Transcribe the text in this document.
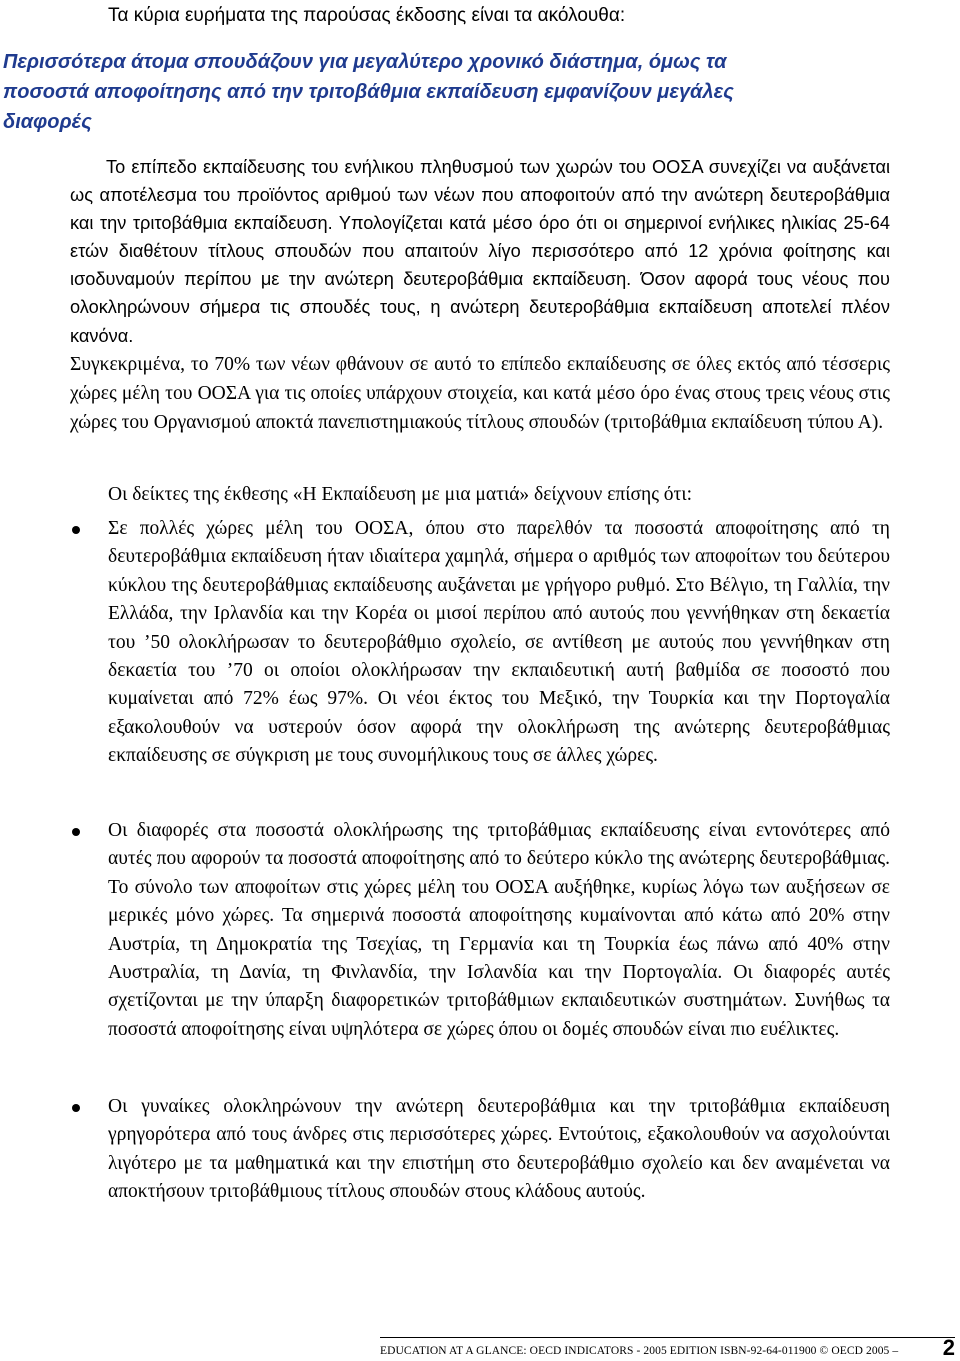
Τα κύρια ευρήματα της παρούσας έκδοσης είναι τα ακόλουθα:

Περισσότερα άτομα σπουδάζουν για μεγαλύτερο χρονικό διάστημα, όμως τα ποσοστά αποφοίτησης από την τριτοβάθμια εκπαίδευση εμφανίζουν μεγάλες διαφορές

Το επίπεδο εκπαίδευσης του ενήλικου πληθυσμού των χωρών του ΟΟΣΑ συνεχίζει να αυξάνεται ως αποτέλεσμα του προϊόντος αριθμού των νέων που αποφοιτούν από την ανώτερη δευτεροβάθμια και την τριτοβάθμια εκπαίδευση. Υπολογίζεται κατά μέσο όρο ότι οι σημερινοί ενήλικες ηλικίας 25-64 ετών διαθέτουν τίτλους σπουδών που απαιτούν λίγο περισσότερο από 12 χρόνια φοίτησης και ισοδυναμούν περίπου με την ανώτερη δευτεροβάθμια εκπαίδευση. Όσον αφορά τους νέους που ολοκληρώνουν σήμερα τις σπουδές τους, η ανώτερη δευτεροβάθμια εκπαίδευση αποτελεί πλέον κανόνα.
Συγκεκριμένα, το 70% των νέων φθάνουν σε αυτό το επίπεδο εκπαίδευσης σε όλες εκτός από τέσσερις χώρες μέλη του ΟΟΣΑ για τις οποίες υπάρχουν στοιχεία, και κατά μέσο όρο ένας στους τρεις νέους στις χώρες του Οργανισμού αποκτά πανεπιστημιακούς τίτλους σπουδών (τριτοβάθμια εκπαίδευση τύπου Α).

Οι δείκτες της έκθεσης «Η Εκπαίδευση με μια ματιά» δείχνουν επίσης ότι:

Σε πολλές χώρες μέλη του ΟΟΣΑ, όπου στο παρελθόν τα ποσοστά αποφοίτησης από τη δευτεροβάθμια εκπαίδευση ήταν ιδιαίτερα χαμηλά, σήμερα ο αριθμός των αποφοίτων του δεύτερου κύκλου της δευτεροβάθμιας εκπαίδευσης αυξάνεται με γρήγορο ρυθμό. Στο Βέλγιο, τη Γαλλία, την Ελλάδα, την Ιρλανδία και την Κορέα οι μισοί περίπου από αυτούς που γεννήθηκαν στη δεκαετία του ’50 ολοκλήρωσαν το δευτεροβάθμιο σχολείο, σε αντίθεση με αυτούς που γεννήθηκαν στη δεκαετία του ’70 οι οποίοι ολοκλήρωσαν την εκπαιδευτική αυτή βαθμίδα σε ποσοστό που κυμαίνεται από 72% έως 97%. Οι νέοι έκτος του Μεξικό, την Τουρκία και την Πορτογαλία εξακολουθούν να υστερούν όσον αφορά την ολοκλήρωση της ανώτερης δευτεροβάθμιας εκπαίδευσης σε σύγκριση με τους συνομήλικους τους σε άλλες χώρες.

Οι διαφορές στα ποσοστά ολοκλήρωσης της τριτοβάθμιας εκπαίδευσης είναι εντονότερες από αυτές που αφορούν τα ποσοστά αποφοίτησης από το δεύτερο κύκλο της ανώτερης δευτεροβάθμιας. Το σύνολο των αποφοίτων στις χώρες μέλη του ΟΟΣΑ αυξήθηκε, κυρίως λόγω των αυξήσεων σε μερικές μόνο χώρες. Τα σημερινά ποσοστά αποφοίτησης κυμαίνονται από κάτω από 20% στην Αυστρία, τη Δημοκρατία της Τσεχίας, τη Γερμανία και τη Τουρκία έως πάνω από 40% στην Αυστραλία, τη Δανία, τη Φινλανδία, την Ισλανδία και την Πορτογαλία. Οι διαφορές αυτές σχετίζονται με την ύπαρξη διαφορετικών τριτοβάθμιων εκπαιδευτικών συστημάτων. Συνήθως τα ποσοστά αποφοίτησης είναι υψηλότερα σε χώρες όπου οι δομές σπουδών είναι πιο ευέλικτες.

Οι γυναίκες ολοκληρώνουν την ανώτερη δευτεροβάθμια και την τριτοβάθμια εκπαίδευση γρηγορότερα από τους άνδρες στις περισσότερες χώρες. Εντούτοις, εξακολουθούν να ασχολούνται λιγότερο με τα μαθηματικά και την επιστήμη στο δευτεροβάθμιο σχολείο και δεν αναμένεται να αποκτήσουν τριτοβάθμιους τίτλους σπουδών στους κλάδους αυτούς.

EDUCATION AT A GLANCE: OECD INDICATORS - 2005 EDITION ISBN-92-64-011900 © OECD 2005 – 2
